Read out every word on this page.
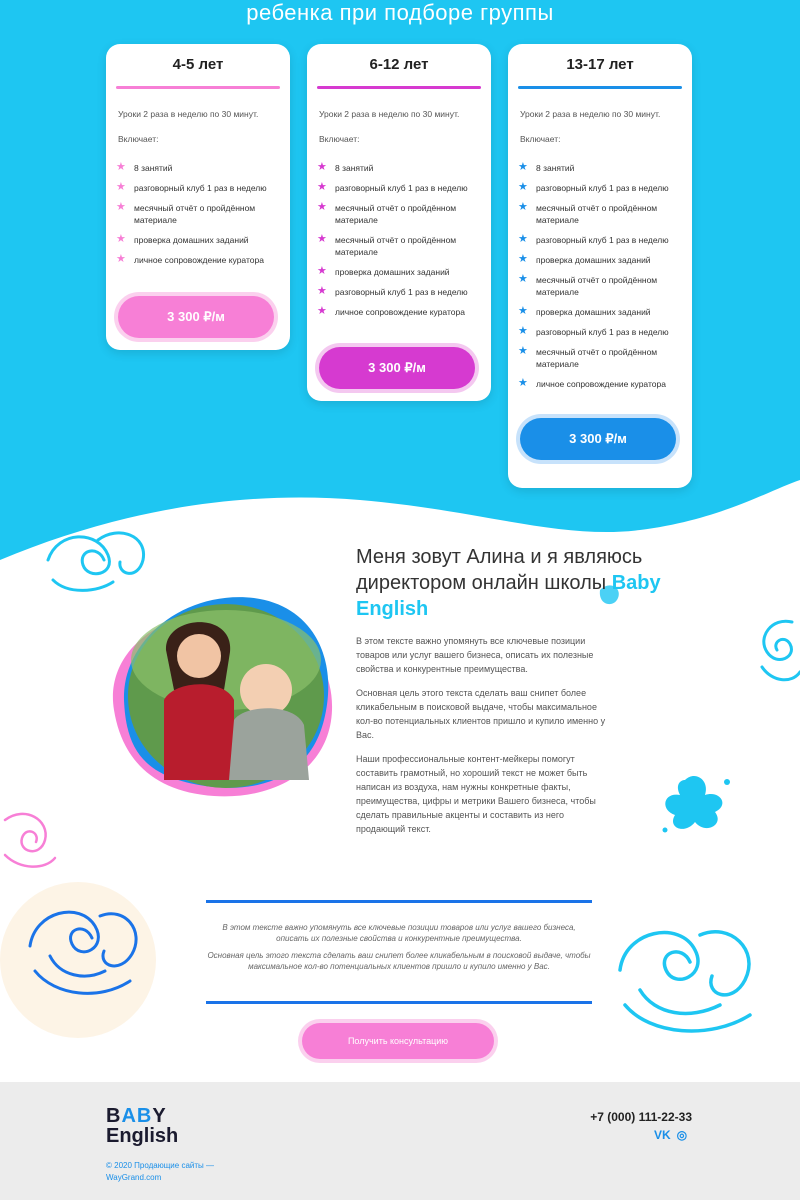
ребенка при подборе группы
4-5 лет
Уроки 2 раза в неделю по 30 минут.
Включает:
★ 8 занятий
★ разговорный клуб 1 раз в неделю
★ месячный отчёт о пройдённом материале
★ проверка домашних заданий
★ личное сопровождение куратора
3 300 ₽/м
6-12 лет
Уроки 2 раза в неделю по 30 минут.
Включает:
★ 8 занятий
★ разговорный клуб 1 раз в неделю
★ месячный отчёт о пройдённом материале
★ месячный отчёт о пройдённом материале
★ проверка домашних заданий
★ разговорный клуб 1 раз в неделю
★ личное сопровождение куратора
3 300 ₽/м
13-17 лет
Уроки 2 раза в неделю по 30 минут.
Включает:
★ 8 занятий
★ разговорный клуб 1 раз в неделю
★ месячный отчёт о пройдённом материале
★ разговорный клуб 1 раз в неделю
★ проверка домашних заданий
★ месячный отчёт о пройдённом материале
★ проверка домашних заданий
★ разговорный клуб 1 раз в неделю
★ месячный отчёт о пройдённом материале
★ личное сопровождение куратора
3 300 ₽/м
Меня зовут Алина и я являюсь директором онлайн школы Baby English

В этом тексте важно упомянуть все ключевые позиции товаров или услуг вашего бизнеса, описать их полезные свойства и конкурентные преимущества.

Основная цель этого текста сделать ваш снипет более кликабельным в поисковой выдаче, чтобы максимальное кол-во потенциальных клиентов пришло и купило именно у Вас.

Наши профессиональные контент-мейкеры помогут составить грамотный, но хороший текст не может быть написан из воздуха, нам нужны конкретные факты, преимущества, цифры и метрики Вашего бизнеса, чтобы сделать правильные акценты и составить из него продающий текст.

В этом тексте важно упомянуть все ключевые позиции товаров или услуг вашего бизнеса, описать их полезные свойства и конкурентные преимущества.

Основная цель этого текста сделать ваш снипет более кликабельным в поисковой выдаче, чтобы максимальное кол-во потенциальных клиентов пришло и купило именно у Вас.

Получить консультацию
BABY
English
© 2020 Продающие сайты —
WayGrand.com
+7 (000) 111-22-33
VK ◎
